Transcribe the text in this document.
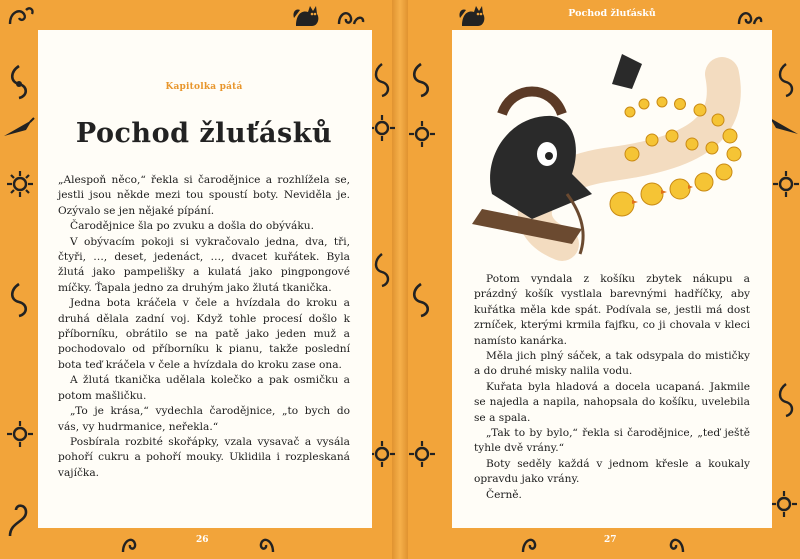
Kapitolka pátá
Pochod žluťásků

„Alespoň něco,“ řekla si čarodějnice a rozhlížela se, jestli jsou někde mezi tou spoustí boty. Neviděla je. Ozývalo se jen nějaké pípání.

Čarodějnice šla po zvuku a došla do obýváku.

V obývacím pokoji si vykračovalo jedna, dva, tři, čtyři, …, deset, jedenáct, …, dvacet kuřátek. Byla žlutá jako pampelišky a kulatá jako pingpongové míčky. Ťapala jedno za druhým jako žlutá tkanička.

Jedna bota kráčela v čele a hvízdala do kroku a druhá dělala zadní voj. Když tohle procesí došlo k příborníku, obrátilo se na patě jako jeden muž a pochodovalo od příborníku k pianu, takže poslední bota teď kráčela v čele a hvízdala do kroku zase ona.

A žlutá tkanička udělala kolečko a pak osmičku a potom mašličku.

„To je krása,“ vydechla čarodějnice, „to bych do vás, vy hudrmanice, neřekla.“

Posbírala rozbité skořápky, vzala vysavač a vysála pohoří cukru a pohoří mouky. Uklidila i rozpleskaná vajíčka.

Pochod žluťásků

Potom vyndala z košíku zbytek nákupu a prázdný košík vystlala barevnými hadříčky, aby kuřátka měla kde spát. Podívala se, jestli má dost zrníček, kterými krmila fajfku, co ji chovala v kleci namísto kanárka.

Měla jich plný sáček, a tak odsypala do mističky a do druhé misky nalila vodu.

Kuřata byla hladová a docela ucapaná. Jakmile se najedla a napila, nahopsala do košíku, uvelebila se a spala.

„Tak to by bylo,“ řekla si čarodějnice, „teď ještě tyhle dvě vrány.“

Boty seděly každá v jednom křesle a koukaly opravdu jako vrány.

Černě.

26	27
